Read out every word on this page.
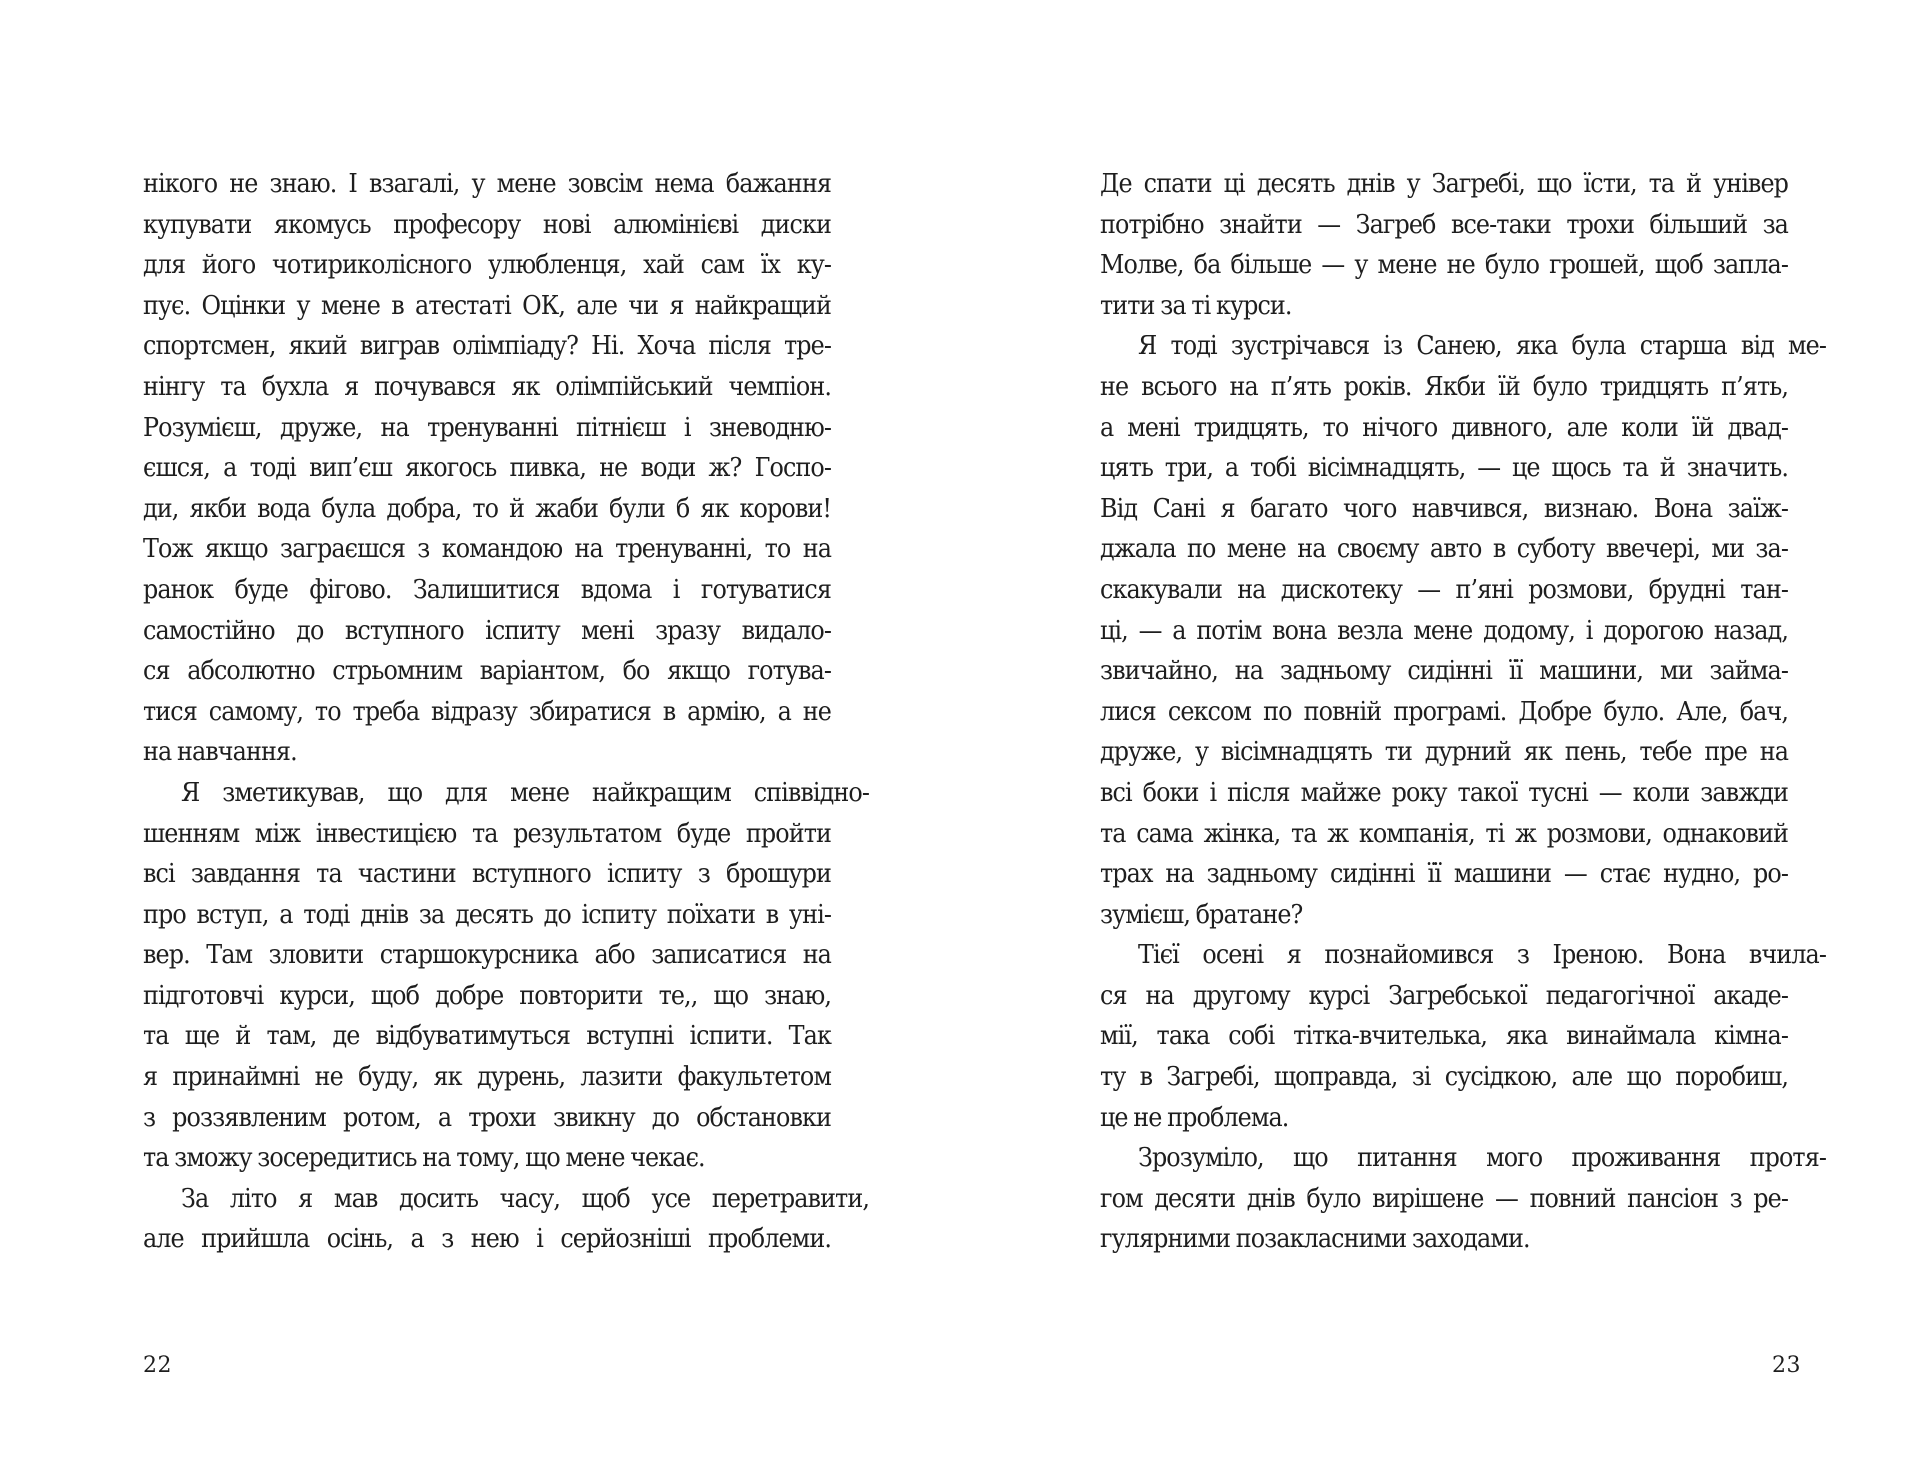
нікого не знаю. І взагалі, у мене зовсім нема бажання
купувати якомусь професору нові алюмінієві диски
для його чотириколісного улюбленця, хай сам їх ку-
пує. Оцінки у мене в атестаті ОК, але чи я найкращий
спортсмен, який виграв олімпіаду? Ні. Хоча після тре-
нінгу та бухла я почувався як олімпійський чемпіон.
Розумієш, друже, на тренуванні пітнієш і зневодню-
єшся, а тоді вип’єш якогось пивка, не води ж? Госпо-
ди, якби вода була добра, то й жаби були б як корови!
Тож якщо заграєшся з командою на тренуванні, то на
ранок буде фігово. Залишитися вдома і готуватися
самостійно до вступного іспиту мені зразу видало-
ся абсолютно стрьомним варіантом, бо якщо готува-
тися самому, то треба відразу збиратися в армію, а не
на навчання.
Я зметикував, що для мене найкращим співвідно-
шенням між інвестицією та результатом буде пройти
всі завдання та частини вступного іспиту з брошури
про вступ, а тоді днів за десять до іспиту поїхати в уні-
вер. Там зловити старшокурсника або записатися на
підготовчі курси, щоб добре повторити те,, що знаю,
та ще й там, де відбуватимуться вступні іспити. Так
я принаймні не буду, як дурень, лазити факультетом
з роззявленим ротом, а трохи звикну до обстановки
та зможу зосередитись на тому, що мене чекає.
За літо я мав досить часу, щоб усе перетравити,
але прийшла осінь, а з нею і серйозніші проблеми.
22
Де спати ці десять днів у Загребі, що їсти, та й універ
потрібно знайти — Загреб все-таки трохи більший за
Молве, ба більше — у мене не було грошей, щоб запла-
тити за ті курси.
Я тоді зустрічався із Санею, яка була старша від ме-
не всього на п’ять років. Якби їй було тридцять п’ять,
а мені тридцять, то нічого дивного, але коли їй двад-
цять три, а тобі вісімнадцять, — це щось та й значить.
Від Сані я багато чого навчився, визнаю. Вона заїж-
джала по мене на своєму авто в суботу ввечері, ми за-
скакували на дискотеку — п’яні розмови, брудні тан-
ці, — а потім вона везла мене додому, і дорогою назад,
звичайно, на задньому сидінні її машини, ми займа-
лися сексом по повній програмі. Добре було. Але, бач,
друже, у вісімнадцять ти дурний як пень, тебе пре на
всі боки і після майже року такої тусні — коли завжди
та сама жінка, та ж компанія, ті ж розмови, однаковий
трах на задньому сидінні її машини — стає нудно, ро-
зумієш, братане?
Тієї осені я познайомився з Іреною. Вона вчила-
ся на другому курсі Загребської педагогічної акаде-
мії, така собі тітка-вчителька, яка винаймала кімна-
ту в Загребі, щоправда, зі сусідкою, але що поробиш,
це не проблема.
Зрозуміло, що питання мого проживання протя-
гом десяти днів було вирішене — повний пансіон з ре-
гулярними позакласними заходами.
23
